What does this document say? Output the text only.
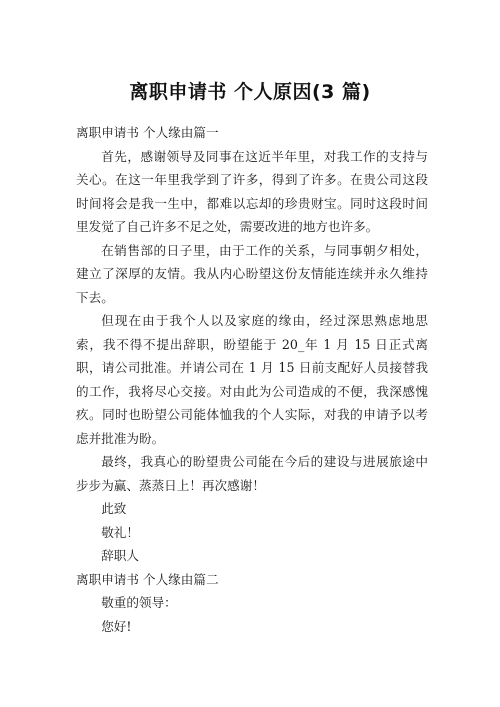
离职申请书 个人原因(3 篇)

离职申请书 个人缘由篇一

首先，感谢领导及同事在这近半年里，对我工作的支持与关心。在这一年里我学到了许多，得到了许多。在贵公司这段时间将会是我一生中，都难以忘却的珍贵财宝。同时这段时间里发觉了自己许多不足之处，需要改进的地方也许多。

在销售部的日子里，由于工作的关系，与同事朝夕相处，建立了深厚的友情。我从内心盼望这份友情能连续并永久维持下去。

但现在由于我个人以及家庭的缘由，经过深思熟虑地思索，我不得不提出辞职，盼望能于 20_年 1 月 15 日正式离职，请公司批准。并请公司在 1 月 15 日前支配好人员接替我的工作，我将尽心交接。对由此为公司造成的不便，我深感愧疚。同时也盼望公司能体恤我的个人实际，对我的申请予以考虑并批准为盼。

最终，我真心的盼望贵公司能在今后的建设与进展旅途中步步为赢、蒸蒸日上！再次感谢！

此致

敬礼！

辞职人

离职申请书 个人缘由篇二

敬重的领导：

您好!
